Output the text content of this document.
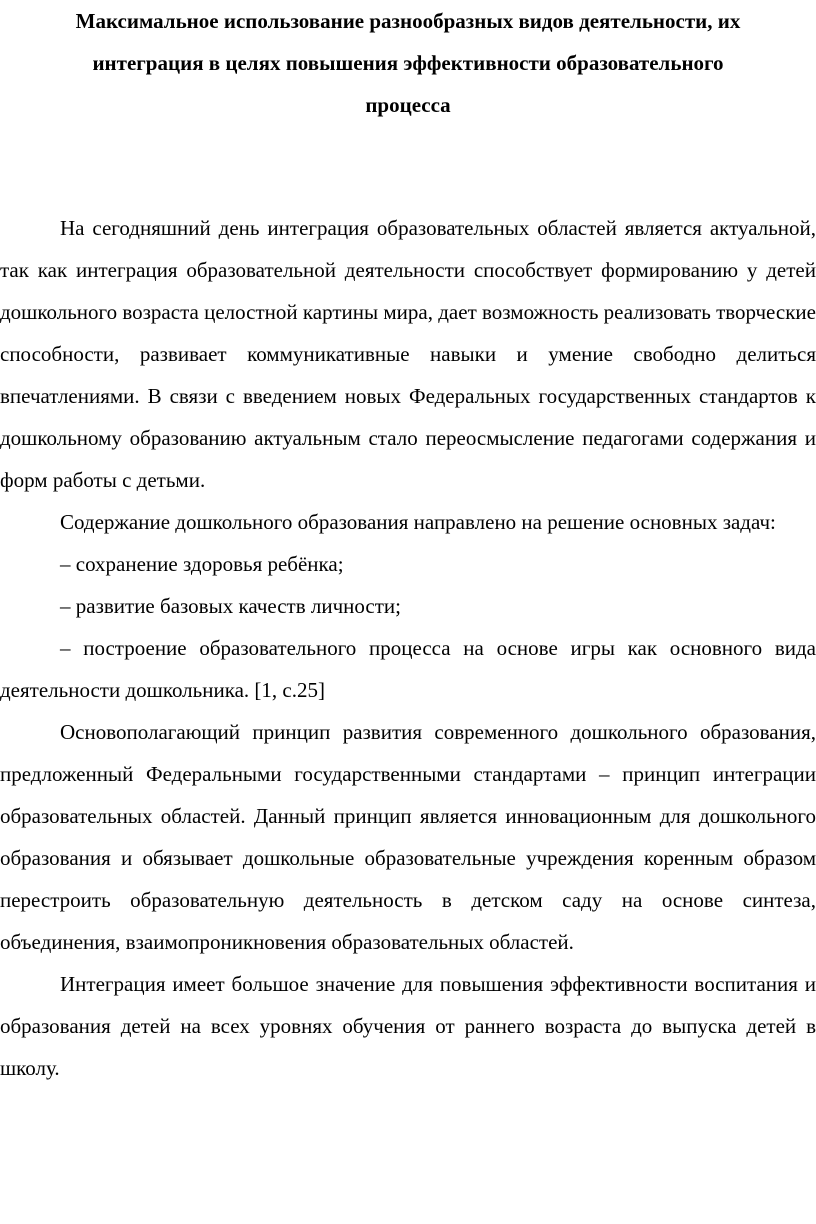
Максимальное использование разнообразных видов деятельности, их
интеграция в целях повышения эффективности образовательного
процесса

На сегодняшний день интеграция образовательных областей является актуальной, так как интеграция образовательной деятельности способствует формированию у детей дошкольного возраста целостной картины мира, дает возможность реализовать творческие способности, развивает коммуникативные навыки и умение свободно делиться впечатлениями. В связи с введением новых Федеральных государственных стандартов к дошкольному образованию актуальным стало переосмысление педагогами содержания и форм работы с детьми.

Содержание дошкольного образования направлено на решение основных задач:

– сохранение здоровья ребёнка;

– развитие базовых качеств личности;

– построение образовательного процесса на основе игры как основного вида деятельности дошкольника. [1, с.25]

Основополагающий принцип развития современного дошкольного образования, предложенный Федеральными государственными стандартами – принцип интеграции образовательных областей. Данный принцип является инновационным для дошкольного образования и обязывает дошкольные образовательные учреждения коренным образом перестроить образовательную деятельность в детском саду на основе синтеза, объединения, взаимопроникновения образовательных областей.

Интеграция имеет большое значение для повышения эффективности воспитания и образования детей на всех уровнях обучения от раннего возраста до выпуска детей в школу.
